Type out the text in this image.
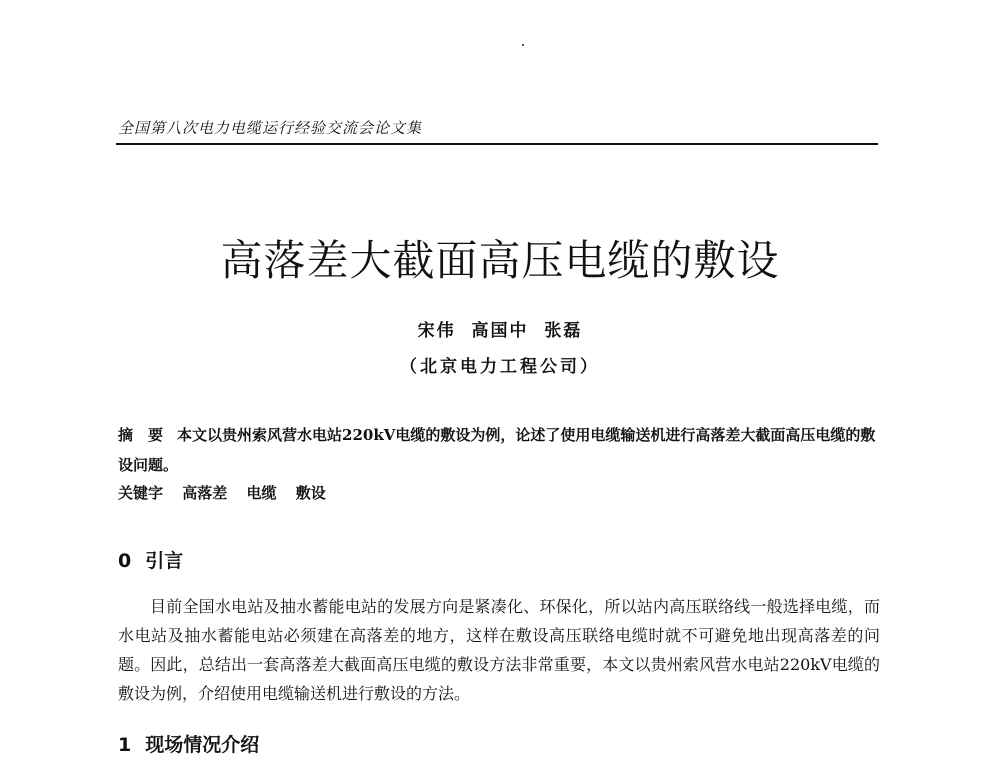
全国第八次电力电缆运行经验交流会论文集
高落差大截面高压电缆的敷设
宋伟 高国中 张磊
（北京电力工程公司）
摘　要 本文以贵州索风营水电站220kV电缆的敷设为例，论述了使用电缆输送机进行高落差大截面高压电缆的敷设问题。
关键字 高落差 电缆 敷设
0 引言

目前全国水电站及抽水蓄能电站的发展方向是紧凑化、环保化，所以站内高压联络线一般选择电缆，而水电站及抽水蓄能电站必须建在高落差的地方，这样在敷设高压联络电缆时就不可避免地出现高落差的问题。因此，总结出一套高落差大截面高压电缆的敷设方法非常重要，本文以贵州索风营水电站220kV电缆的敷设为例，介绍使用电缆输送机进行敷设的方法。

1 现场情况介绍
